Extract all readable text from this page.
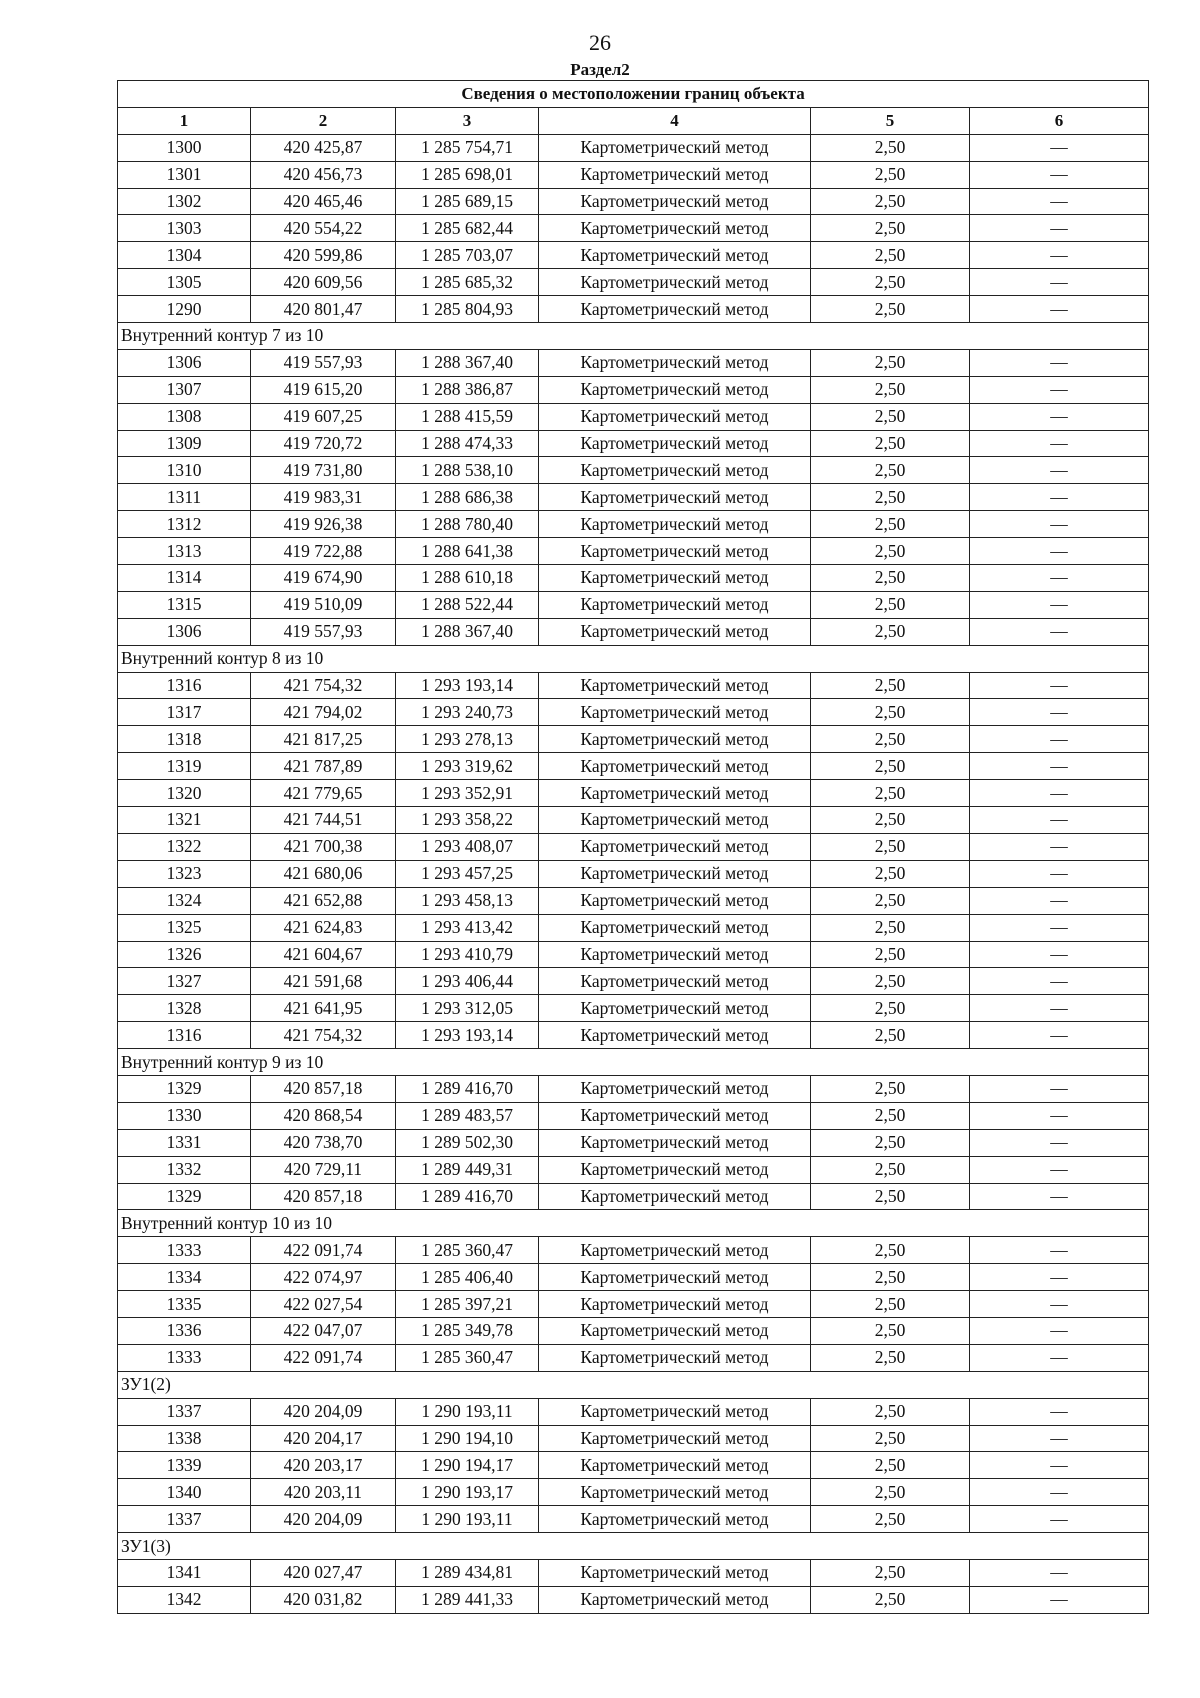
26
Раздел2
Сведения о местоположении границ объекта					
1	2	3	4	5	6
1300	420 425,87	1 285 754,71	Картометрический метод	2,50	—
1301	420 456,73	1 285 698,01	Картометрический метод	2,50	—
1302	420 465,46	1 285 689,15	Картометрический метод	2,50	—
1303	420 554,22	1 285 682,44	Картометрический метод	2,50	—
1304	420 599,86	1 285 703,07	Картометрический метод	2,50	—
1305	420 609,56	1 285 685,32	Картометрический метод	2,50	—
1290	420 801,47	1 285 804,93	Картометрический метод	2,50	—
Внутренний контур 7 из 10					
1306	419 557,93	1 288 367,40	Картометрический метод	2,50	—
1307	419 615,20	1 288 386,87	Картометрический метод	2,50	—
1308	419 607,25	1 288 415,59	Картометрический метод	2,50	—
1309	419 720,72	1 288 474,33	Картометрический метод	2,50	—
1310	419 731,80	1 288 538,10	Картометрический метод	2,50	—
1311	419 983,31	1 288 686,38	Картометрический метод	2,50	—
1312	419 926,38	1 288 780,40	Картометрический метод	2,50	—
1313	419 722,88	1 288 641,38	Картометрический метод	2,50	—
1314	419 674,90	1 288 610,18	Картометрический метод	2,50	—
1315	419 510,09	1 288 522,44	Картометрический метод	2,50	—
1306	419 557,93	1 288 367,40	Картометрический метод	2,50	—
Внутренний контур 8 из 10					
1316	421 754,32	1 293 193,14	Картометрический метод	2,50	—
1317	421 794,02	1 293 240,73	Картометрический метод	2,50	—
1318	421 817,25	1 293 278,13	Картометрический метод	2,50	—
1319	421 787,89	1 293 319,62	Картометрический метод	2,50	—
1320	421 779,65	1 293 352,91	Картометрический метод	2,50	—
1321	421 744,51	1 293 358,22	Картометрический метод	2,50	—
1322	421 700,38	1 293 408,07	Картометрический метод	2,50	—
1323	421 680,06	1 293 457,25	Картометрический метод	2,50	—
1324	421 652,88	1 293 458,13	Картометрический метод	2,50	—
1325	421 624,83	1 293 413,42	Картометрический метод	2,50	—
1326	421 604,67	1 293 410,79	Картометрический метод	2,50	—
1327	421 591,68	1 293 406,44	Картометрический метод	2,50	—
1328	421 641,95	1 293 312,05	Картометрический метод	2,50	—
1316	421 754,32	1 293 193,14	Картометрический метод	2,50	—
Внутренний контур 9 из 10					
1329	420 857,18	1 289 416,70	Картометрический метод	2,50	—
1330	420 868,54	1 289 483,57	Картометрический метод	2,50	—
1331	420 738,70	1 289 502,30	Картометрический метод	2,50	—
1332	420 729,11	1 289 449,31	Картометрический метод	2,50	—
1329	420 857,18	1 289 416,70	Картометрический метод	2,50	—
Внутренний контур 10 из 10					
1333	422 091,74	1 285 360,47	Картометрический метод	2,50	—
1334	422 074,97	1 285 406,40	Картометрический метод	2,50	—
1335	422 027,54	1 285 397,21	Картометрический метод	2,50	—
1336	422 047,07	1 285 349,78	Картометрический метод	2,50	—
1333	422 091,74	1 285 360,47	Картометрический метод	2,50	—
ЗУ1(2)					
1337	420 204,09	1 290 193,11	Картометрический метод	2,50	—
1338	420 204,17	1 290 194,10	Картометрический метод	2,50	—
1339	420 203,17	1 290 194,17	Картометрический метод	2,50	—
1340	420 203,11	1 290 193,17	Картометрический метод	2,50	—
1337	420 204,09	1 290 193,11	Картометрический метод	2,50	—
ЗУ1(3)					
1341	420 027,47	1 289 434,81	Картометрический метод	2,50	—
1342	420 031,82	1 289 441,33	Картометрический метод	2,50	—
